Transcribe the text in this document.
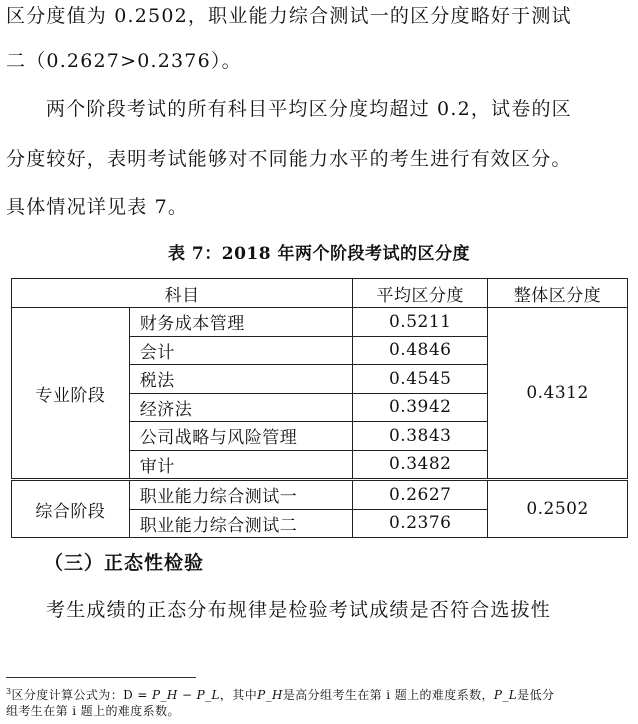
区分度值为 0.2502，职业能力综合测试一的区分度略好于测试
二（0.2627>0.2376）。
两个阶段考试的所有科目平均区分度均超过 0.2，试卷的区
分度较好，表明考试能够对不同能力水平的考生进行有效区分。
具体情况详见表 7。
表 7：2018 年两个阶段考试的区分度
科目		平均区分度	整体区分度
专业阶段	财务成本管理	0.5211	0.4312
	会计	0.4846	
	税法	0.4545	
	经济法	0.3942	
	公司战略与风险管理	0.3843	
	审计	0.3482	
综合阶段	职业能力综合测试一	0.2627	0.2502
	职业能力综合测试二	0.2376	
（三）正态性检验
考生成绩的正态分布规律是检验考试成绩是否符合选拔性
$^3$区分度计算公式为：D = P_H − P_L，其中P_H是高分组考生在第 i 题上的难度系数，P_L是低分
组考生在第 i 题上的难度系数。
